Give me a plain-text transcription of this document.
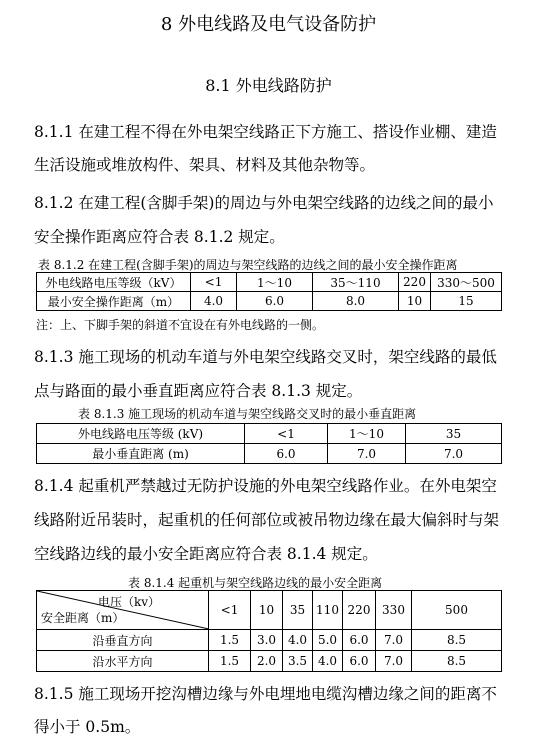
8 外电线路及电气设备防护
8.1 外电线路防护
8.1.1 在建工程不得在外电架空线路正下方施工、搭设作业棚、建造
生活设施或堆放构件、架具、材料及其他杂物等。
8.1.2 在建工程(含脚手架)的周边与外电架空线路的边线之间的最小
安全操作距离应符合表 8.1.2 规定。
表 8.1.2 在建工程(含脚手架)的周边与架空线路的边线之间的最小安全操作距离
外电线路电压等级（kV）	<1	1～10	35～110	220	330～500
最小安全操作距离（m）	4.0	6.0	8.0	10	15
注：上、下脚手架的斜道不宜设在有外电线路的一侧。
8.1.3 施工现场的机动车道与外电架空线路交叉时，架空线路的最低
点与路面的最小垂直距离应符合表 8.1.3 规定。
表 8.1.3 施工现场的机动车道与架空线路交叉时的最小垂直距离
外电线路电压等级 (kV)	<1	1～10	35
最小垂直距离 (m)	6.0	7.0	7.0
8.1.4 起重机严禁越过无防护设施的外电架空线路作业。在外电架空
线路附近吊装时，起重机的任何部位或被吊物边缘在最大偏斜时与架
空线路边线的最小安全距离应符合表 8.1.4 规定。
表 8.1.4 起重机与架空线路边线的最小安全距离
电压（kv）
安全距离（m）	<1	10	35	110	220	330	500
沿垂直方向	1.5	3.0	4.0	5.0	6.0	7.0	8.5
沿水平方向	1.5	2.0	3.5	4.0	6.0	7.0	8.5
8.1.5 施工现场开挖沟槽边缘与外电埋地电缆沟槽边缘之间的距离不
得小于 0.5m。
